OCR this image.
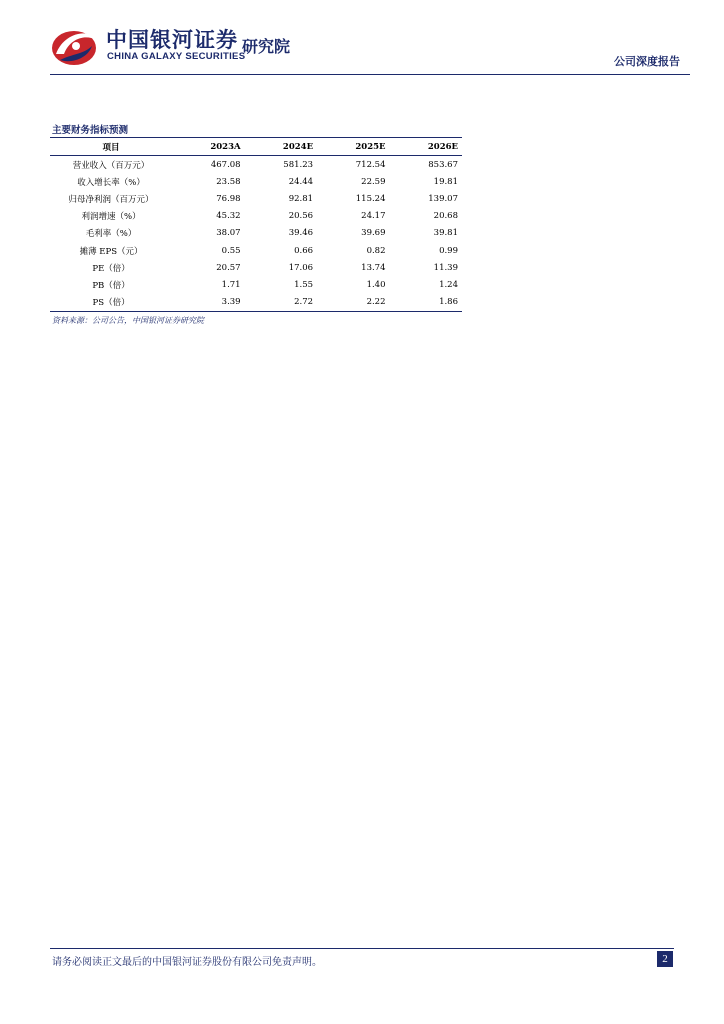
中国银河证券
CHINA GALAXY SECURITIES
研究院
公司深度报告
主要财务指标预测
项目	2023A	2024E	2025E	2026E
营业收入（百万元）	467.08	581.23	712.54	853.67
收入增长率（%）	23.58	24.44	22.59	19.81
归母净利润（百万元）	76.98	92.81	115.24	139.07
利润增速（%）	45.32	20.56	24.17	20.68
毛利率（%）	38.07	39.46	39.69	39.81
摊薄 EPS（元）	0.55	0.66	0.82	0.99
PE（倍）	20.57	17.06	13.74	11.39
PB（倍）	1.71	1.55	1.40	1.24
PS（倍）	3.39	2.72	2.22	1.86
资料来源：公司公告，中国银河证券研究院
请务必阅读正文最后的中国银河证券股份有限公司免责声明。	2
